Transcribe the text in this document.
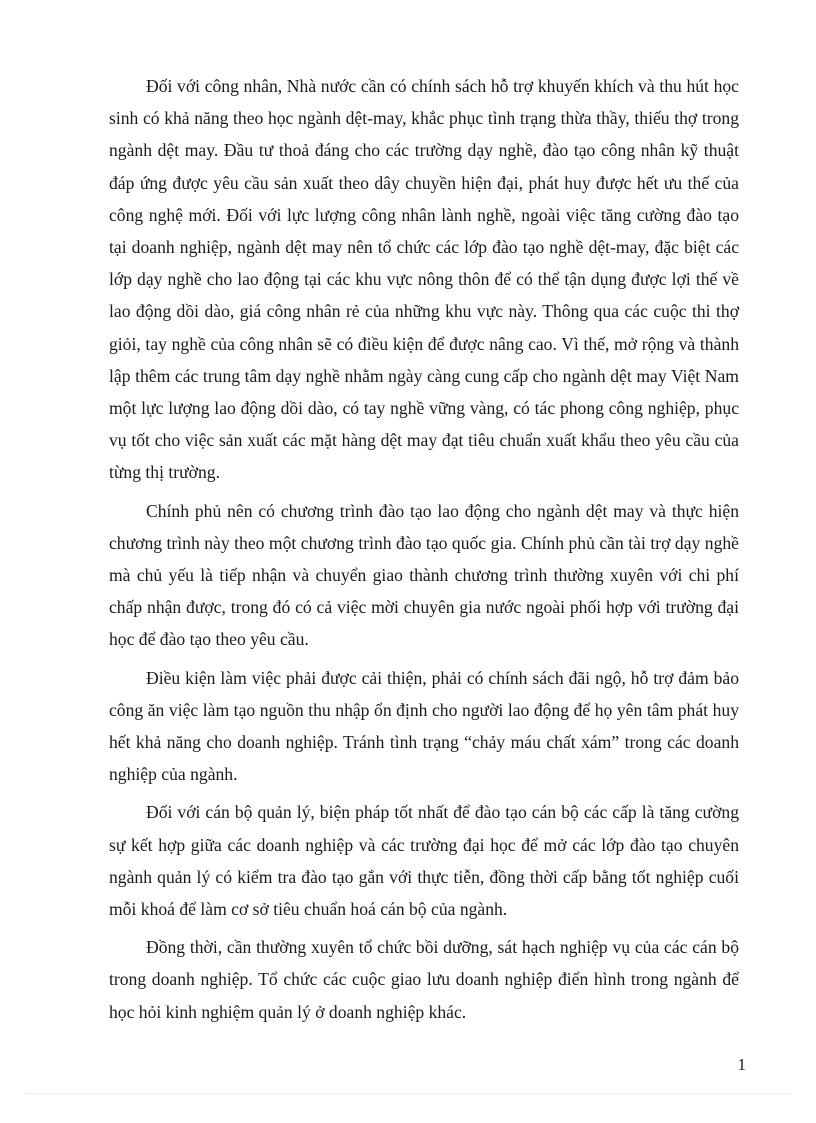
Đối với công nhân, Nhà nước cần có chính sách hỗ trợ khuyến khích và thu hút học sinh có khả năng theo học ngành dệt-may, khắc phục tình trạng thừa thầy, thiếu thợ trong ngành dệt may. Đầu tư thoả đáng cho các trường dạy nghề, đào tạo công nhân kỹ thuật đáp ứng được yêu cầu sản xuất theo dây chuyền hiện đại, phát huy được hết ưu thế của công nghệ mới. Đối với lực lượng công nhân lành nghề, ngoài việc tăng cường đào tạo tại doanh nghiệp, ngành dệt may nên tổ chức các lớp đào tạo nghề dệt-may, đặc biệt các lớp dạy nghề cho lao động tại các khu vực nông thôn để có thể tận dụng được lợi thế về lao động dồi dào, giá công nhân rẻ của những khu vực này. Thông qua các cuộc thi thợ giỏi, tay nghề của công nhân sẽ có điều kiện để được nâng cao. Vì thế, mở rộng và thành lập thêm các trung tâm dạy nghề nhằm ngày càng cung cấp cho ngành dệt may Việt Nam một lực lượng lao động dồi dào, có tay nghề vững vàng, có tác phong công nghiệp, phục vụ tốt cho việc sản xuất các mặt hàng dệt may đạt tiêu chuẩn xuất khẩu theo yêu cầu của từng thị trường.

Chính phủ nên có chương trình đào tạo lao động cho ngành dệt may và thực hiện chương trình này theo một chương trình đào tạo quốc gia. Chính phủ cần tài trợ dạy nghề mà chủ yếu là tiếp nhận và chuyển giao thành chương trình thường xuyên với chi phí chấp nhận được, trong đó có cả việc mời chuyên gia nước ngoài phối hợp với trường đại học để đào tạo theo yêu cầu.

Điều kiện làm việc phải được cải thiện, phải có chính sách đãi ngộ, hỗ trợ đảm bảo công ăn việc làm tạo nguồn thu nhập ổn định cho người lao động để họ yên tâm phát huy hết khả năng cho doanh nghiệp. Tránh tình trạng “chảy máu chất xám” trong các doanh nghiệp của ngành.

Đối với cán bộ quản lý, biện pháp tốt nhất để đào tạo cán bộ các cấp là tăng cường sự kết hợp giữa các doanh nghiệp và các trường đại học để mở các lớp đào tạo chuyên ngành quản lý có kiểm tra đào tạo gắn với thực tiễn, đồng thời cấp bằng tốt nghiệp cuối mỗi khoá để làm cơ sở tiêu chuẩn hoá cán bộ của ngành.

Đồng thời, cần thường xuyên tổ chức bồi dưỡng, sát hạch nghiệp vụ của các cán bộ trong doanh nghiệp. Tổ chức các cuộc giao lưu doanh nghiệp điển hình trong ngành để học hỏi kinh nghiệm quản lý ở doanh nghiệp khác.

1
